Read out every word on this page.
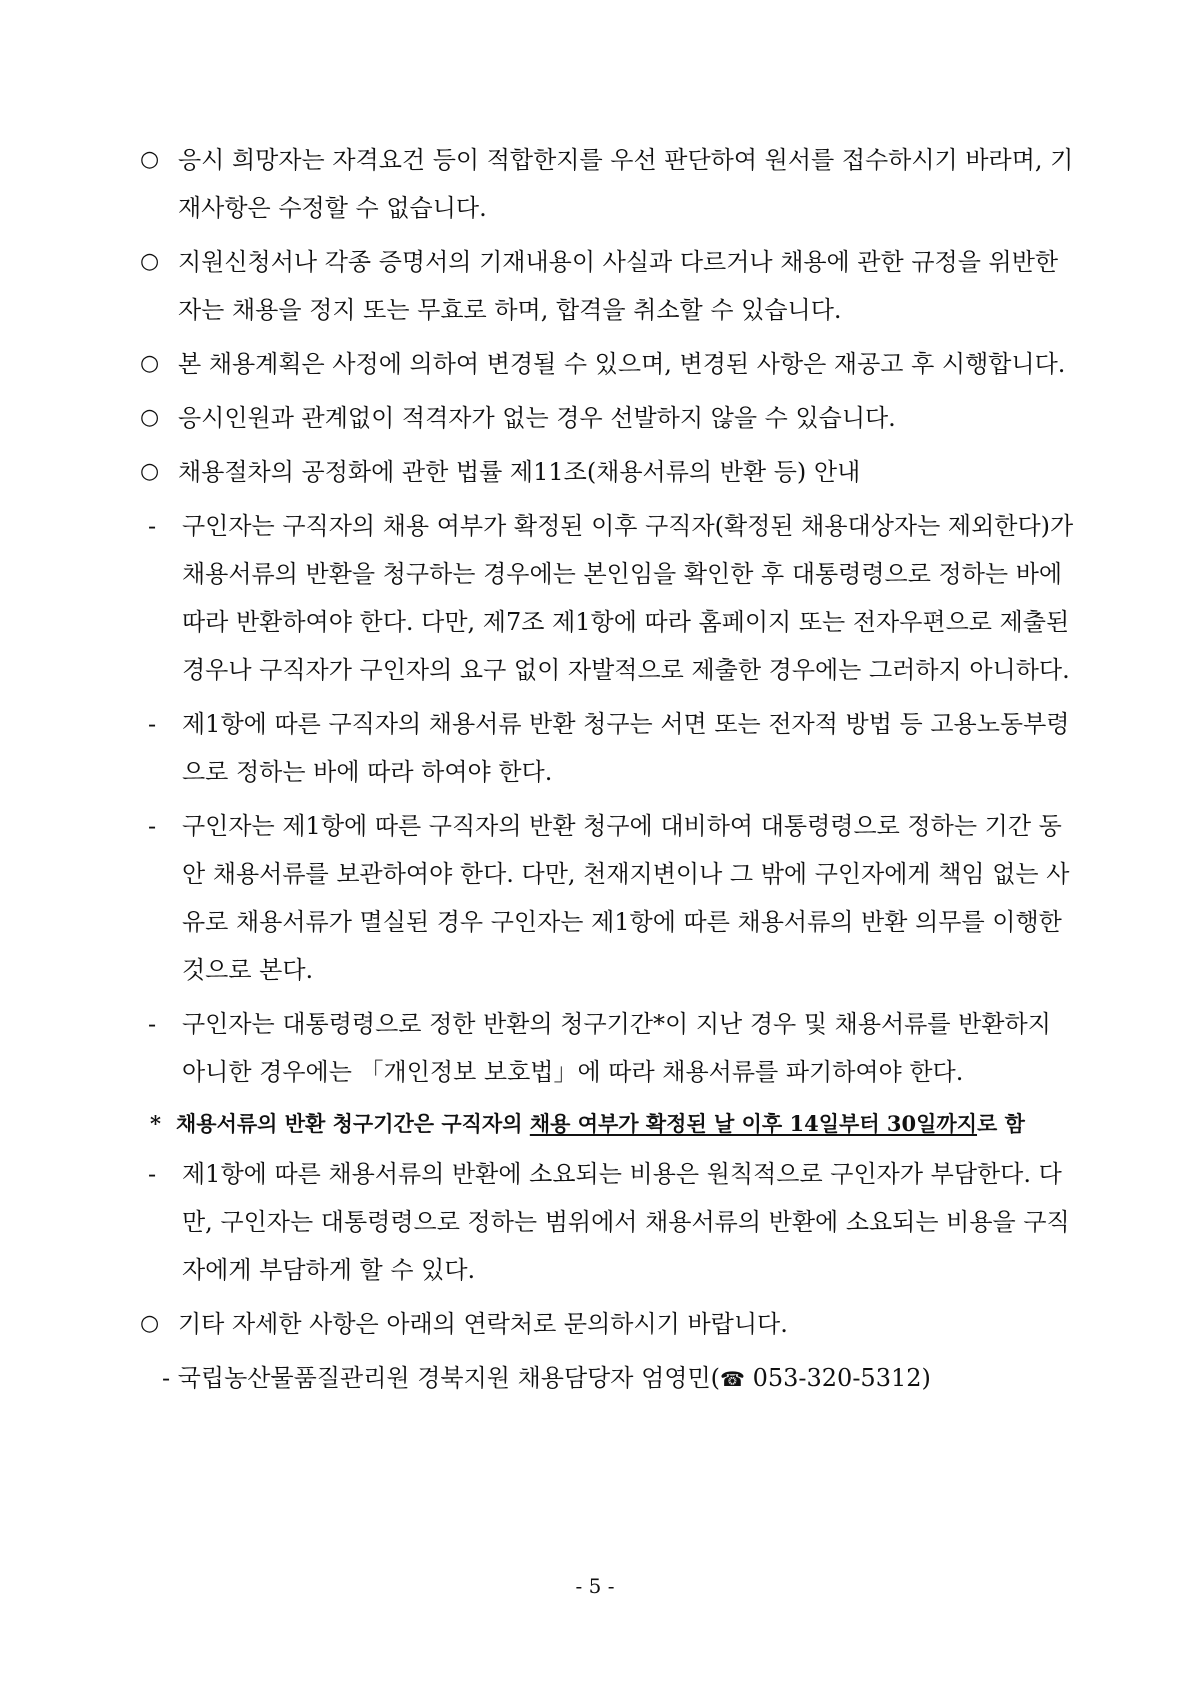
○ 응시 희망자는 자격요건 등이 적합한지를 우선 판단하여 원서를 접수하시기 바라며, 기재사항은 수정할 수 없습니다.
○ 지원신청서나 각종 증명서의 기재내용이 사실과 다르거나 채용에 관한 규정을 위반한 자는 채용을 정지 또는 무효로 하며, 합격을 취소할 수 있습니다.
○ 본 채용계획은 사정에 의하여 변경될 수 있으며, 변경된 사항은 재공고 후 시행합니다.
○ 응시인원과 관계없이 적격자가 없는 경우 선발하지 않을 수 있습니다.
○ 채용절차의 공정화에 관한 법률 제11조(채용서류의 반환 등) 안내
- 구인자는 구직자의 채용 여부가 확정된 이후 구직자(확정된 채용대상자는 제외한다)가 채용서류의 반환을 청구하는 경우에는 본인임을 확인한 후 대통령령으로 정하는 바에 따라 반환하여야 한다. 다만, 제7조 제1항에 따라 홈페이지 또는 전자우편으로 제출된 경우나 구직자가 구인자의 요구 없이 자발적으로 제출한 경우에는 그러하지 아니하다.
- 제1항에 따른 구직자의 채용서류 반환 청구는 서면 또는 전자적 방법 등 고용노동부령으로 정하는 바에 따라 하여야 한다.
- 구인자는 제1항에 따른 구직자의 반환 청구에 대비하여 대통령령으로 정하는 기간 동안 채용서류를 보관하여야 한다. 다만, 천재지변이나 그 밖에 구인자에게 책임 없는 사유로 채용서류가 멸실된 경우 구인자는 제1항에 따른 채용서류의 반환 의무를 이행한 것으로 본다.
- 구인자는 대통령령으로 정한 반환의 청구기간*이 지난 경우 및 채용서류를 반환하지 아니한 경우에는 「개인정보 보호법」에 따라 채용서류를 파기하여야 한다.
* 채용서류의 반환 청구기간은 구직자의 채용 여부가 확정된 날 이후 14일부터 30일까지로 함
- 제1항에 따른 채용서류의 반환에 소요되는 비용은 원칙적으로 구인자가 부담한다. 다만, 구인자는 대통령령으로 정하는 범위에서 채용서류의 반환에 소요되는 비용을 구직자에게 부담하게 할 수 있다.
○ 기타 자세한 사항은 아래의 연락처로 문의하시기 바랍니다.
- 국립농산물품질관리원 경북지원 채용담당자 엄영민(☎ 053-320-5312)
- 5 -
